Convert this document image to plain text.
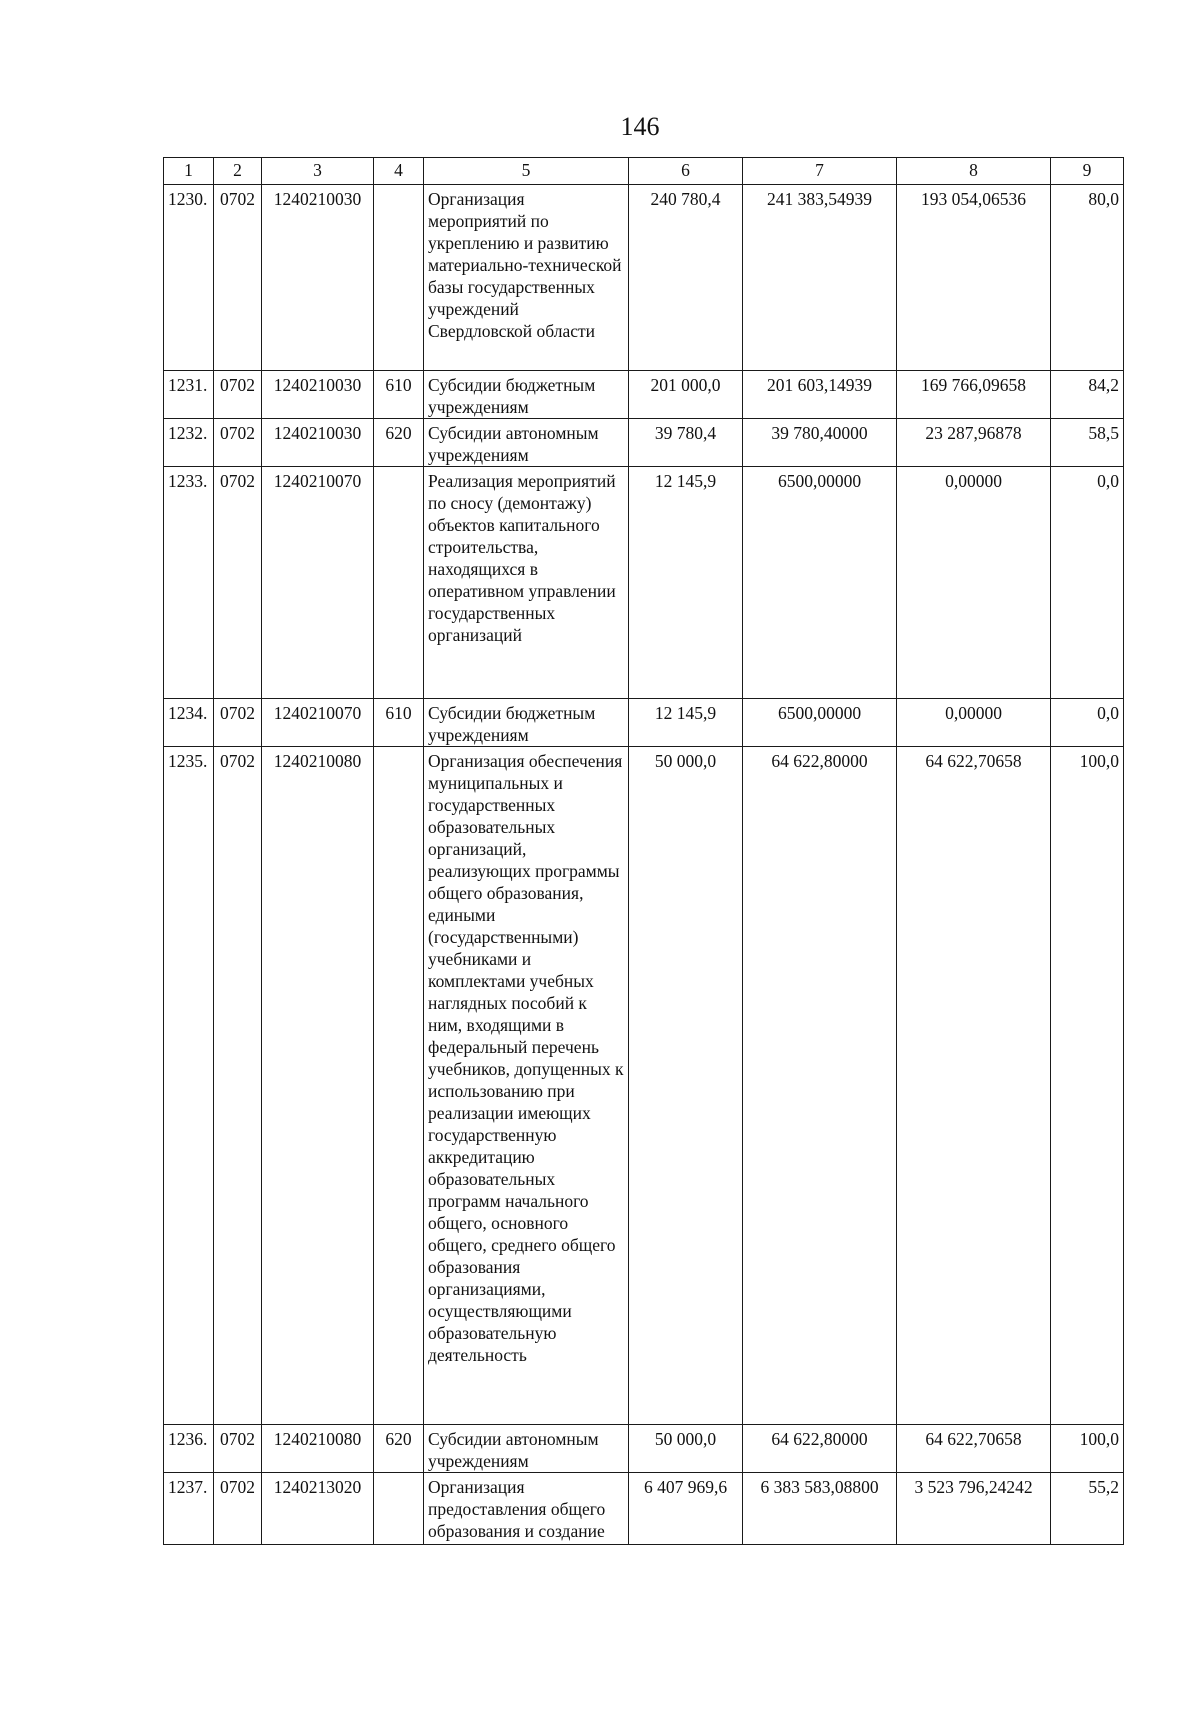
146
1	2	3	4	5	6	7	8	9
1230.	0702	1240210030		Организация мероприятий по укреплению и развитию материально-технической базы государственных учреждений Свердловской области	240 780,4	241 383,54939	193 054,06536	80,0
1231.	0702	1240210030	610	Субсидии бюджетным учреждениям	201 000,0	201 603,14939	169 766,09658	84,2
1232.	0702	1240210030	620	Субсидии автономным учреждениям	39 780,4	39 780,40000	23 287,96878	58,5
1233.	0702	1240210070		Реализация мероприятий по сносу (демонтажу) объектов капитального строительства, находящихся в оперативном управлении государственных организаций	12 145,9	6500,00000	0,00000	0,0
1234.	0702	1240210070	610	Субсидии бюджетным учреждениям	12 145,9	6500,00000	0,00000	0,0
1235.	0702	1240210080		Организация обеспечения муниципальных и государственных образовательных организаций, реализующих программы общего образования, едиными (государственными) учебниками и комплектами учебных наглядных пособий к ним, входящими в федеральный перечень учебников, допущенных к использованию при реализации имеющих государственную аккредитацию образовательных программ начального общего, основного общего, среднего общего образования организациями, осуществляющими образовательную деятельность	50 000,0	64 622,80000	64 622,70658	100,0
1236.	0702	1240210080	620	Субсидии автономным учреждениям	50 000,0	64 622,80000	64 622,70658	100,0
1237.	0702	1240213020		Организация предоставления общего образования и создание	6 407 969,6	6 383 583,08800	3 523 796,24242	55,2
